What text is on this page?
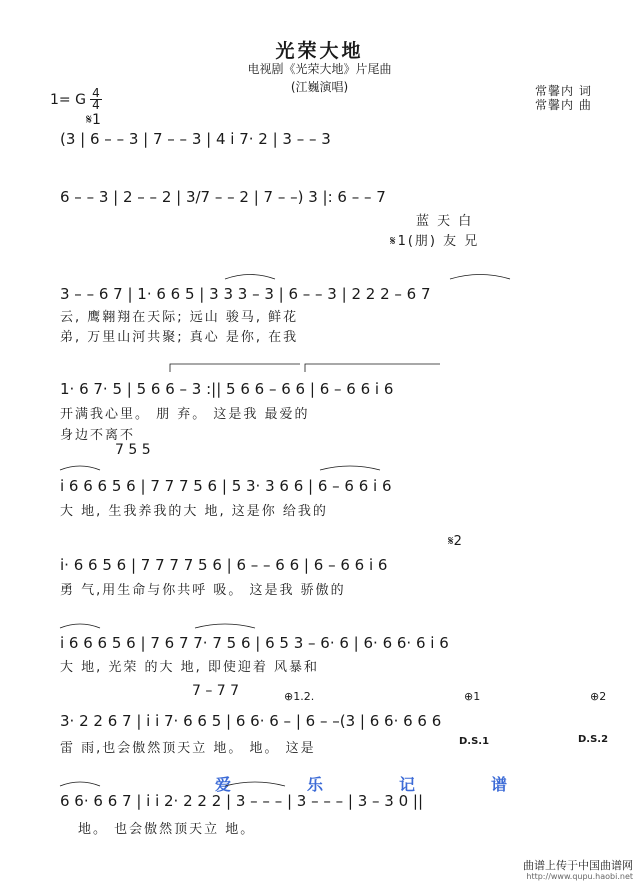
光荣大地
电视剧《光荣大地》片尾曲
(江巍演唱)	常馨内 词
常馨内 曲
1= G 4
4
𝄋1
(3 | 6 – – 3 | 7 – – 3 | 4 i̇ 7· 2 | 3 – – 3
6 – – 3 | 2 – – 2 | 3/7 – – 2 | 7 – –) 3 |: 6 – – 7
蓝 天 白
𝄋1(朋) 友 兄
3 – – 6 7 | 1· 6 6 5 | 3 3 3 – 3 | 6 – – 3 | 2 2 2 – 6 7
云, 鹰翱翔在天际; 远山 骏马, 鲜花
弟, 万里山河共聚; 真心 是你, 在我
1· 6 7· 5 | 5 6 6 – 3 :|| 5 6 6 – 6 6 | 6 – 6 6 i̇ 6
开满我心里。 朋 弃。 这是我 最爱的
身边不离不
7 5 5
i̇ 6 6 6 5 6 | 7 7 7 5 6 | 5 3· 3 6 6 | 6 – 6 6 i̇ 6
大 地, 生我养我的大 地, 这是你 给我的
𝄋2
i̇· 6 6 5 6 | 7 7 7 7 5 6 | 6 – – 6 6 | 6 – 6 6 i̇ 6
勇 气,用生命与你共呼 吸。 这是我 骄傲的
i̇ 6 6 6 5 6 | 7 6 7 7· 7 5 6 | 6 5 3 – 6· 6 | 6· 6 6· 6 i̇ 6
大 地, 光荣 的大 地, 即使迎着 风暴和
7 – 7 7	⊕1.2.	⊕1	⊕2
3· 2 2 6 7 | i̇ i̇ 7· 6 6 5 | 6 6· 6 – | 6 – –(3 | 6 6· 6 6 6
D.S.1	D.S.2
雷 雨,也会傲然顶天立 地。 地。 这是
爱	乐	记	谱
6 6· 6 6 7 | i̇ i̇ 2· 2 2 2 | 3 – – – | 3 – – – | 3 – 3 0 ||
地。 也会傲然顶天立 地。
曲谱上传于中国曲谱网
http://www.qupu.haobi.net
